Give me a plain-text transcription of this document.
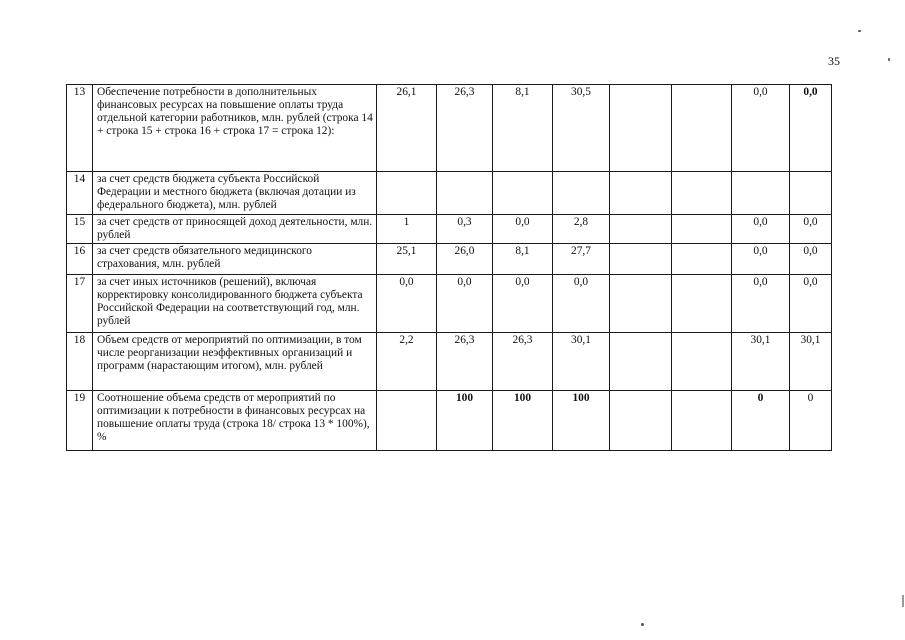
35
13	Обеспечение потребности в дополнительных финансовых ресурсах на повышение оплаты труда отдельной категории работников, млн. рублей (строка 14 + строка 15 + строка 16 + строка 17 = строка 12):	26,1	26,3	8,1	30,5			0,0	0,0
14	за счет средств бюджета субъекта Российской Федерации и местного бюджета (включая дотации из федерального бюджета), млн. рублей								
15	за счет средств от приносящей доход деятельности, млн. рублей	1	0,3	0,0	2,8			0,0	0,0
16	за счет средств обязательного медицинского страхования, млн. рублей	25,1	26,0	8,1	27,7			0,0	0,0
17	за счет иных источников (решений), включая корректировку консолидированного бюджета субъекта Российской Федерации на соответствующий год, млн. рублей	0,0	0,0	0,0	0,0			0,0	0,0
18	Объем средств от мероприятий по оптимизации, в том числе реорганизации неэффективных организаций и программ (нарастающим итогом), млн. рублей	2,2	26,3	26,3	30,1			30,1	30,1
19	Соотношение объема средств от мероприятий по оптимизации к потребности в финансовых ресурсах на повышение оплаты труда (строка 18/ строка 13 * 100%), %		100	100	100			0	0
